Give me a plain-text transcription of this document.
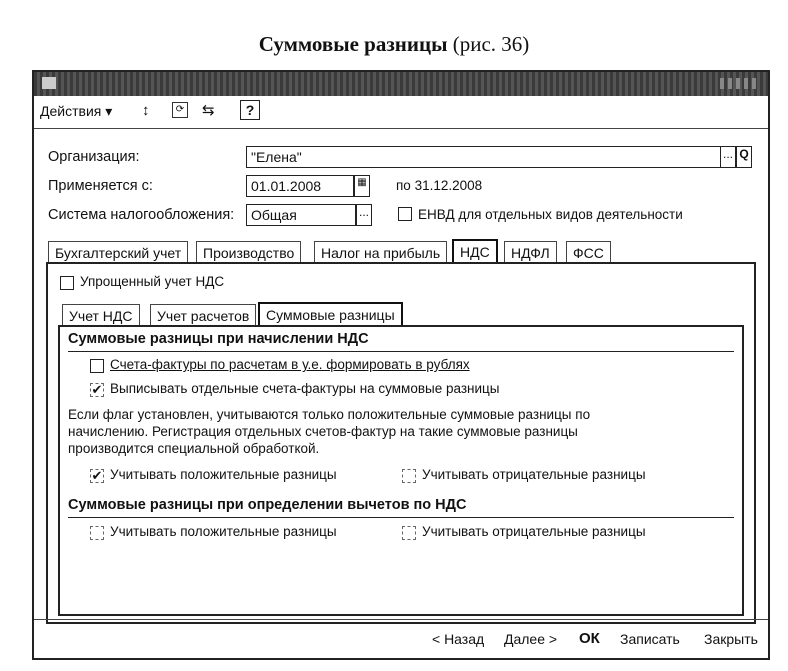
Суммовые разницы (рис. 36)
Действия ▾ ↕	⟳ ⇆	?
Организация:	"Елена"	... Q
Применяется с:	01.01.2008	▦ по 31.12.2008
Система налогообложения:	Общая	...	ЕНВД для отдельных видов деятельности
Бухгалтерский учет	Производство	Налог на прибыль	НДС	НДФЛ	ФСС
Упрощенный учет НДС
Учет НДС	Учет расчетов	Суммовые разницы
Суммовые разницы при начислении НДС
Счета-фактуры по расчетам в у.е. формировать в рублях
✔ Выписывать отдельные счета-фактуры на суммовые разницы
Если флаг установлен, учитываются только положительные суммовые разницы по
начислению. Регистрация отдельных счетов-фактур на такие суммовые разницы
производится специальной обработкой.
✔ Учитывать положительные разницы	Учитывать отрицательные разницы
Суммовые разницы при определении вычетов по НДС
Учитывать положительные разницы	Учитывать отрицательные разницы
< Назад Далее > ОК Записать Закрыть
